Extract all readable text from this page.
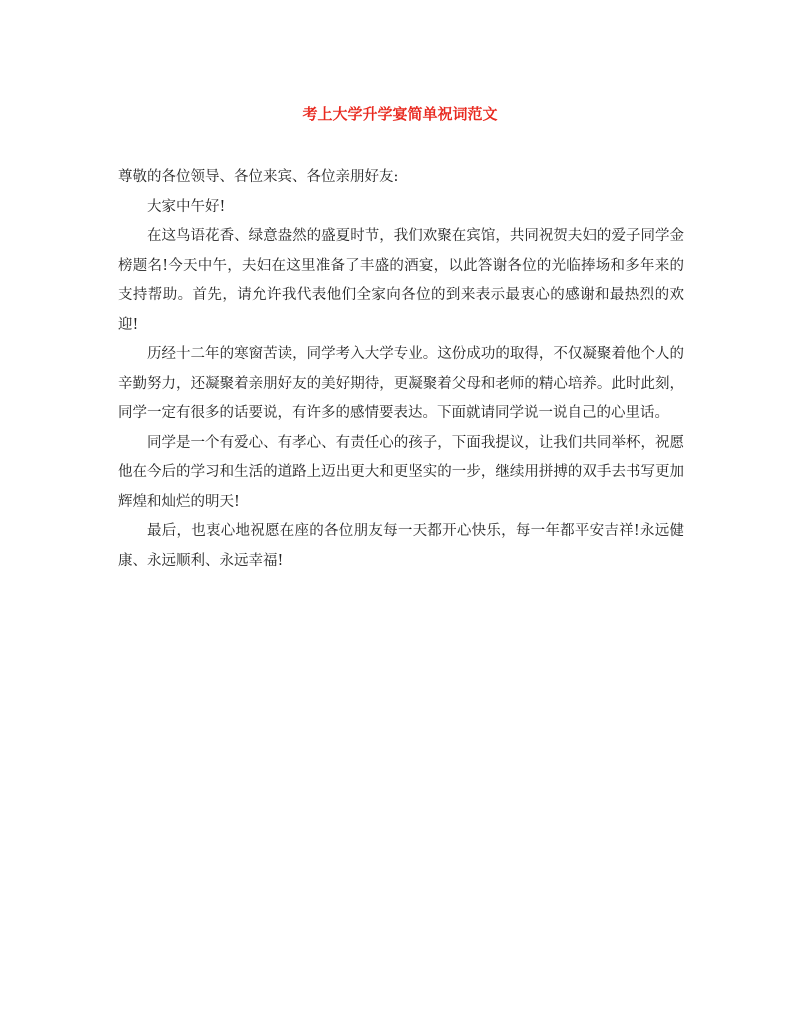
考上大学升学宴简单祝词范文

尊敬的各位领导、各位来宾、各位亲朋好友:

大家中午好!

在这鸟语花香、绿意盎然的盛夏时节，我们欢聚在宾馆，共同祝贺夫妇的爱子同学金榜题名!今天中午，夫妇在这里准备了丰盛的酒宴，以此答谢各位的光临捧场和多年来的支持帮助。首先，请允许我代表他们全家向各位的到来表示最衷心的感谢和最热烈的欢迎!

历经十二年的寒窗苦读，同学考入大学专业。这份成功的取得，不仅凝聚着他个人的辛勤努力，还凝聚着亲朋好友的美好期待，更凝聚着父母和老师的精心培养。此时此刻，同学一定有很多的话要说，有许多的感情要表达。下面就请同学说一说自己的心里话。

同学是一个有爱心、有孝心、有责任心的孩子，下面我提议，让我们共同举杯，祝愿他在今后的学习和生活的道路上迈出更大和更坚实的一步，继续用拼搏的双手去书写更加辉煌和灿烂的明天!

最后，也衷心地祝愿在座的各位朋友每一天都开心快乐，每一年都平安吉祥!永远健康、永远顺利、永远幸福!
